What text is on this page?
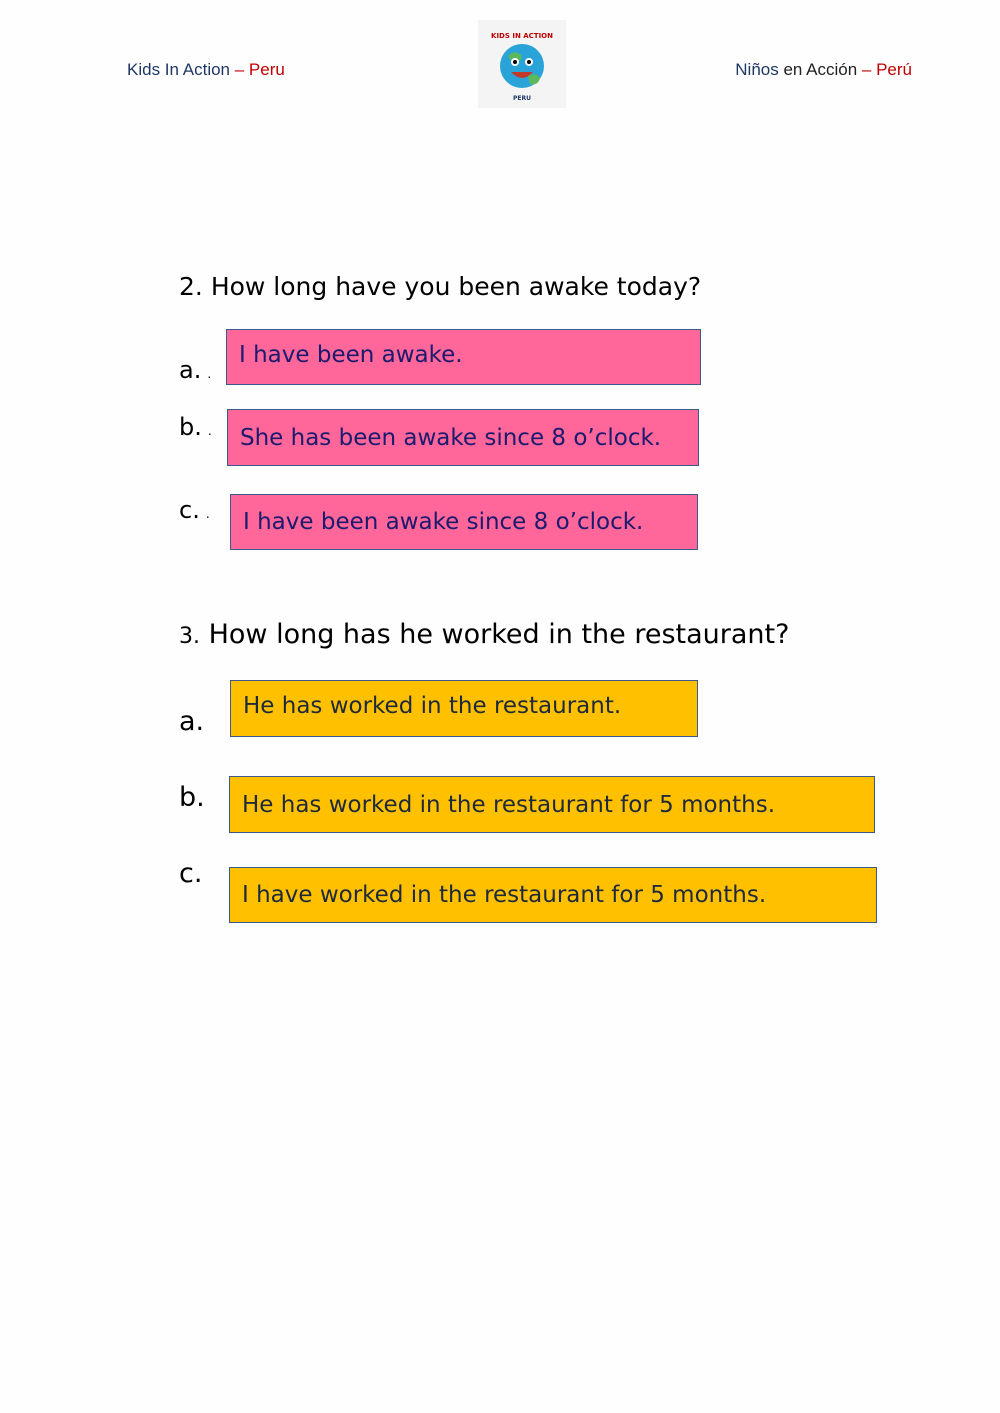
Kids In Action – Peru
KIDS IN ACTION
PERU
Niños en Acción – Perú
2. How long have you been awake today?
a. .
I have been awake.
b. . She has been awake since 8 o’clock.
c. . I have been awake since 8 o’clock.
3. How long has he worked in the restaurant?
a. He has worked in the restaurant.
b. He has worked in the restaurant for 5 months.
c.
I have worked in the restaurant for 5 months.
